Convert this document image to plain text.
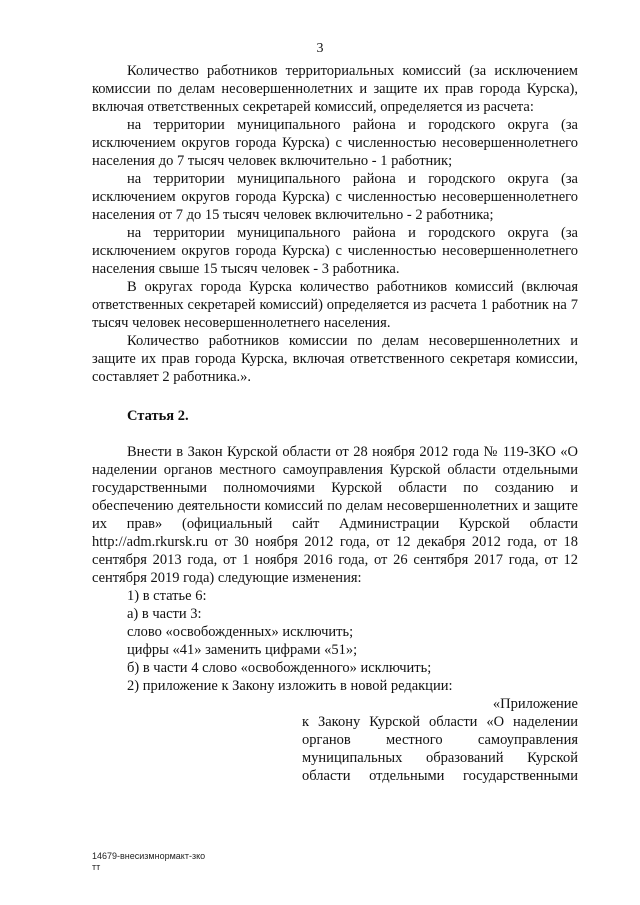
3

Количество работников территориальных комиссий (за исключением комиссии по делам несовершеннолетних и защите их прав города Курска), включая ответственных секретарей комиссий, определяется из расчета:

на территории муниципального района и городского округа (за исключением округов города Курска) с численностью несовершеннолетнего населения до 7 тысяч человек включительно - 1 работник;

на территории муниципального района и городского округа (за исключением округов города Курска) с численностью несовершеннолетнего населения от 7 до 15 тысяч человек включительно - 2 работника;

на территории муниципального района и городского округа (за исключением округов города Курска) с численностью несовершеннолетнего населения свыше 15 тысяч человек - 3 работника.

В округах города Курска количество работников комиссий (включая ответственных секретарей комиссий) определяется из расчета 1 работник на 7 тысяч человек несовершеннолетнего населения.

Количество работников комиссии по делам несовершеннолетних и защите их прав города Курска, включая ответственного секретаря комиссии, составляет 2 работника.».

Статья 2.

Внести в Закон Курской области от 28 ноября 2012 года № 119-ЗКО «О наделении органов местного самоуправления Курской области отдельными государственными полномочиями Курской области по созданию и обеспечению деятельности комиссий по делам несовершеннолетних и защите их прав» (официальный сайт Администрации Курской области http://adm.rkursk.ru от 30 ноября 2012 года, от 12 декабря 2012 года, от 18 сентября 2013 года, от 1 ноября 2016 года, от 26 сентября 2017 года, от 12 сентября 2019 года) следующие изменения:

1) в статье 6:

а) в части 3:

слово «освобожденных» исключить;

цифры «41» заменить цифрами «51»;

б) в части 4 слово «освобожденного» исключить;

2) приложение к Закону изложить в новой редакции:

«Приложение

к Закону Курской области «О наделении органов местного самоуправления муниципальных образований Курской области отдельными государственными

14679-внесизмнормакт-зко
тт
